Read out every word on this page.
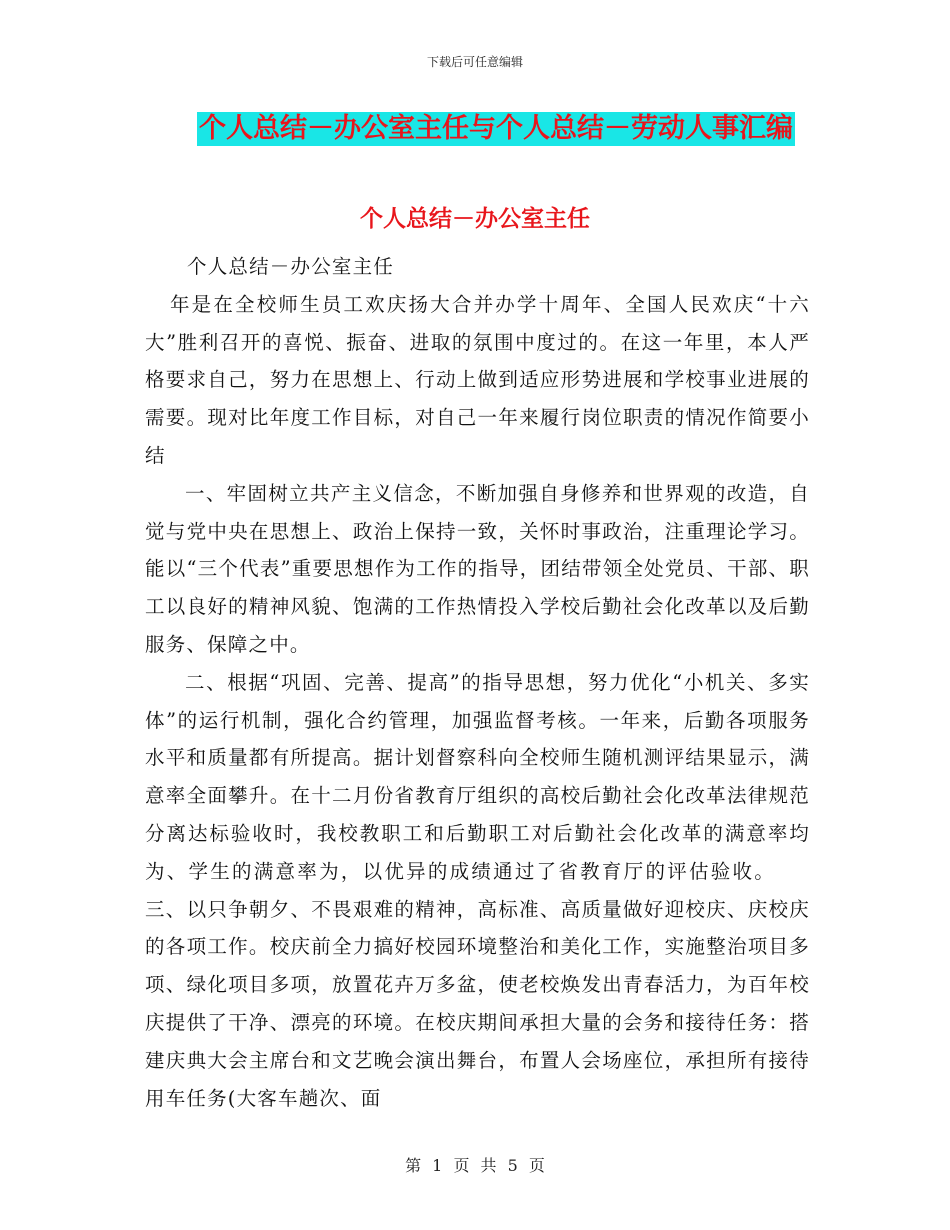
下载后可任意编辑
个人总结－办公室主任与个人总结－劳动人事汇编
个人总结－办公室主任

个人总结－办公室主任

年是在全校师生员工欢庆扬大合并办学十周年、全国人民欢庆“十六大”胜利召开的喜悦、振奋、进取的氛围中度过的。在这一年里，本人严格要求自己，努力在思想上、行动上做到适应形势进展和学校事业进展的需要。现对比年度工作目标，对自己一年来履行岗位职责的情况作简要小结

一、牢固树立共产主义信念，不断加强自身修养和世界观的改造，自觉与党中央在思想上、政治上保持一致，关怀时事政治，注重理论学习。能以“三个代表”重要思想作为工作的指导，团结带领全处党员、干部、职工以良好的精神风貌、饱满的工作热情投入学校后勤社会化改革以及后勤服务、保障之中。

二、根据“巩固、完善、提高”的指导思想，努力优化“小机关、多实体”的运行机制，强化合约管理，加强监督考核。一年来，后勤各项服务水平和质量都有所提高。据计划督察科向全校师生随机测评结果显示，满意率全面攀升。在十二月份省教育厅组织的高校后勤社会化改革法律规范分离达标验收时，我校教职工和后勤职工对后勤社会化改革的满意率均为、学生的满意率为，以优异的成绩通过了省教育厅的评估验收。三、以只争朝夕、不畏艰难的精神，高标准、高质量做好迎校庆、庆校庆的各项工作。校庆前全力搞好校园环境整治和美化工作，实施整治项目多项、绿化项目多项，放置花卉万多盆，使老校焕发出青春活力，为百年校庆提供了干净、漂亮的环境。在校庆期间承担大量的会务和接待任务：搭建庆典大会主席台和文艺晚会演出舞台，布置人会场座位，承担所有接待用车任务(大客车趟次、面

第 1 页 共 5 页
